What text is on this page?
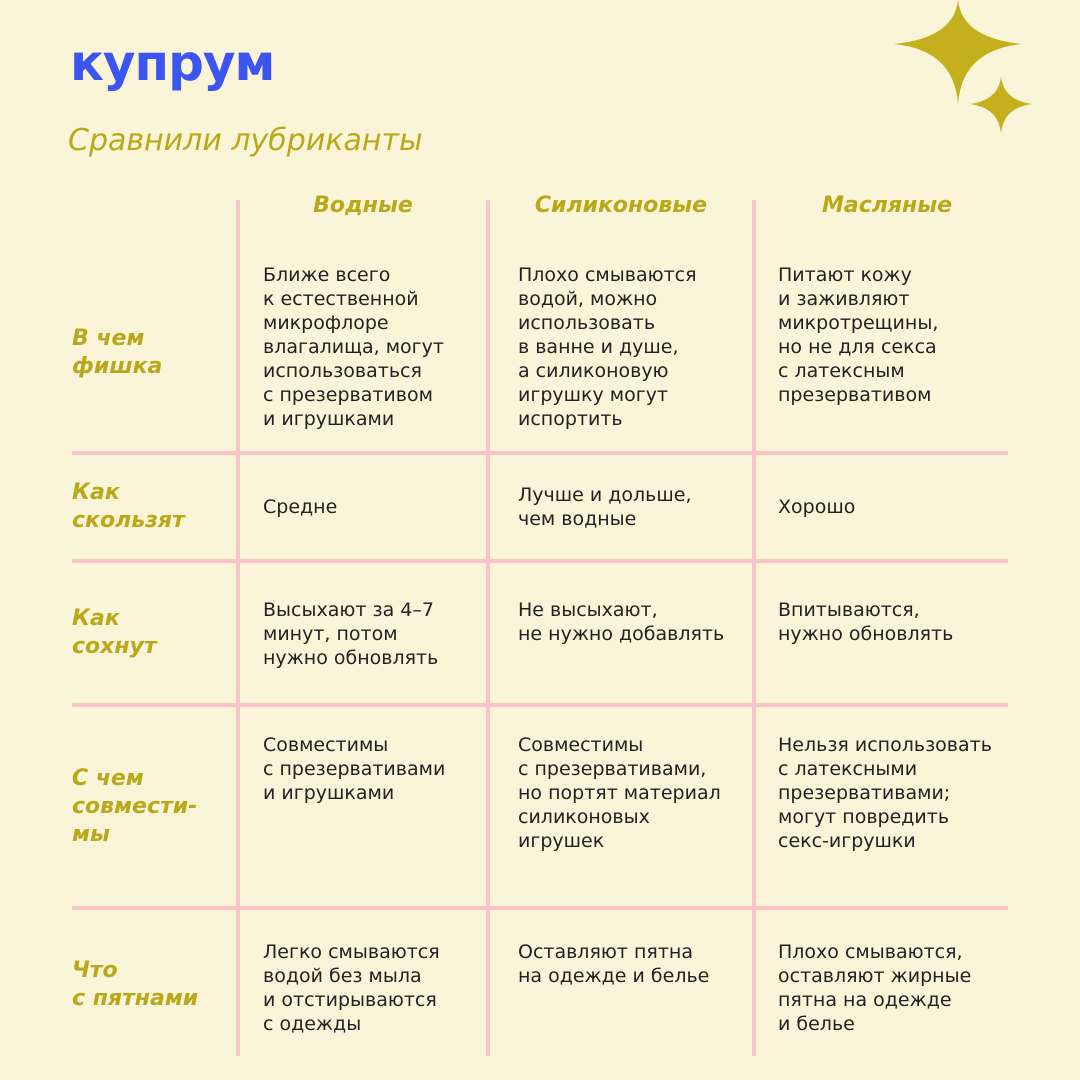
купрум
Сравнили лубриканты
Водные	Силиконовые	Масляные
В чем
фишка
Ближе всего
к естественной
микрофлоре
влагалища, могут
использоваться
с презервативом
и игрушками
Плохо смываются
водой, можно
использовать
в ванне и душе,
а силиконовую
игрушку могут
испортить
Питают кожу
и заживляют
микротрещины,
но не для секса
с латексным
презервативом
Как
скользят
Средне
Лучше и дольше,
чем водные
Хорошо
Как
сохнут
Высыхают за 4–7
минут, потом
нужно обновлять
Не высыхают,
не нужно добавлять
Впитываются,
нужно обновлять
С чем
совмести-
мы
Совместимы
с презервативами
и игрушками
Совместимы
с презервативами,
но портят материал
силиконовых
игрушек
Нельзя использовать
с латексными
презервативами;
могут повредить
секс-игрушки
Что
с пятнами
Легко смываются
водой без мыла
и отстирываются
с одежды
Оставляют пятна
на одежде и белье
Плохо смываются,
оставляют жирные
пятна на одежде
и белье
